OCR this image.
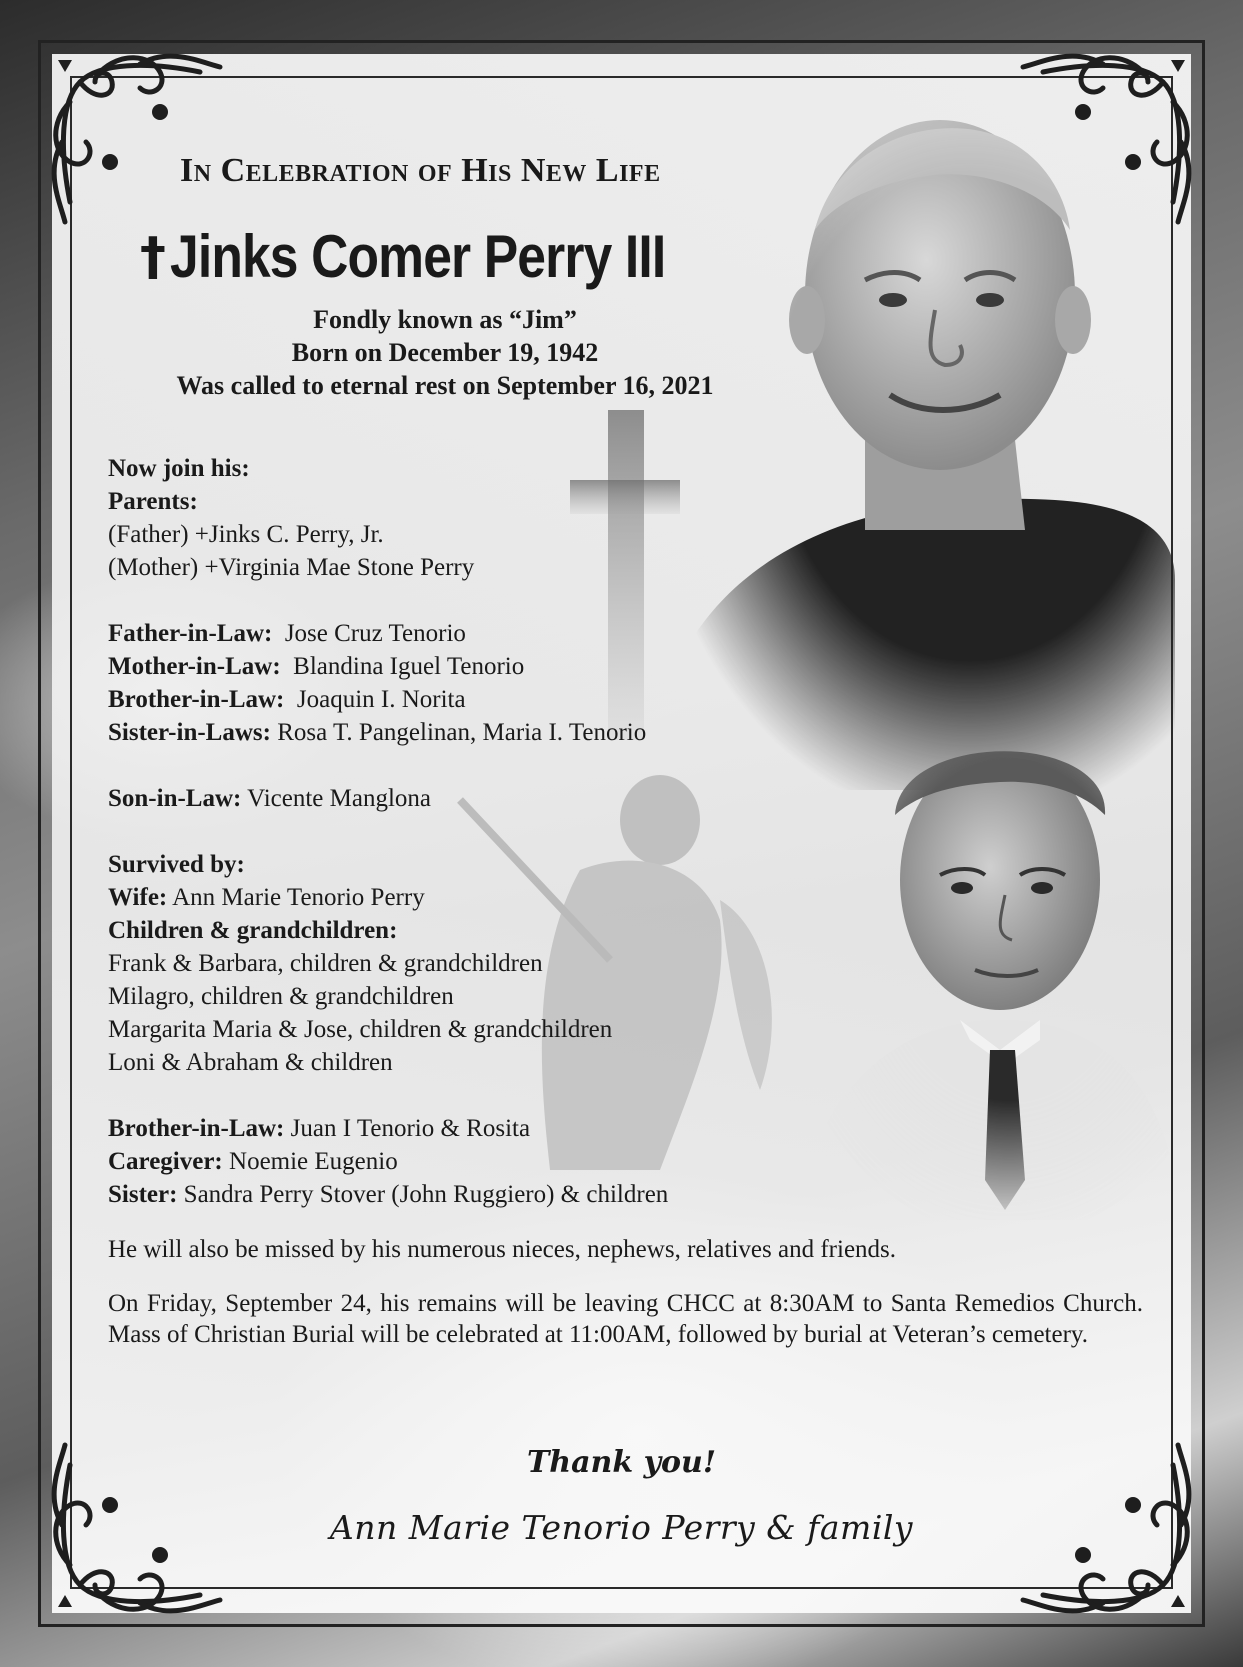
In Celebration of His New Life
† Jinks Comer Perry III
Fondly known as “Jim”
Born on December 19, 1942
Was called to eternal rest on September 16, 2021
Now join his:
Parents:
(Father) +Jinks C. Perry, Jr.
(Mother) +Virginia Mae Stone Perry
Father-in-Law:  Jose Cruz Tenorio
Mother-in-Law:  Blandina Iguel Tenorio
Brother-in-Law:  Joaquin I. Norita
Sister-in-Laws: Rosa T. Pangelinan, Maria I. Tenorio
Son-in-Law: Vicente Manglona
Survived by:
Wife: Ann Marie Tenorio Perry
Children & grandchildren:
Frank & Barbara, children & grandchildren
Milagro, children & grandchildren
Margarita Maria & Jose, children & grandchildren
Loni & Abraham & children
Brother-in-Law: Juan I Tenorio & Rosita
Caregiver: Noemie Eugenio
Sister: Sandra Perry Stover (John Ruggiero) & children
He will also be missed by his numerous nieces, nephews, relatives and friends.
On Friday, September 24, his remains will be leaving CHCC at 8:30AM to Santa Remedios Church. Mass of Christian Burial will be celebrated at 11:00AM, followed by burial at Veteran’s cemetery.
Thank you!
Ann Marie Tenorio Perry & family
